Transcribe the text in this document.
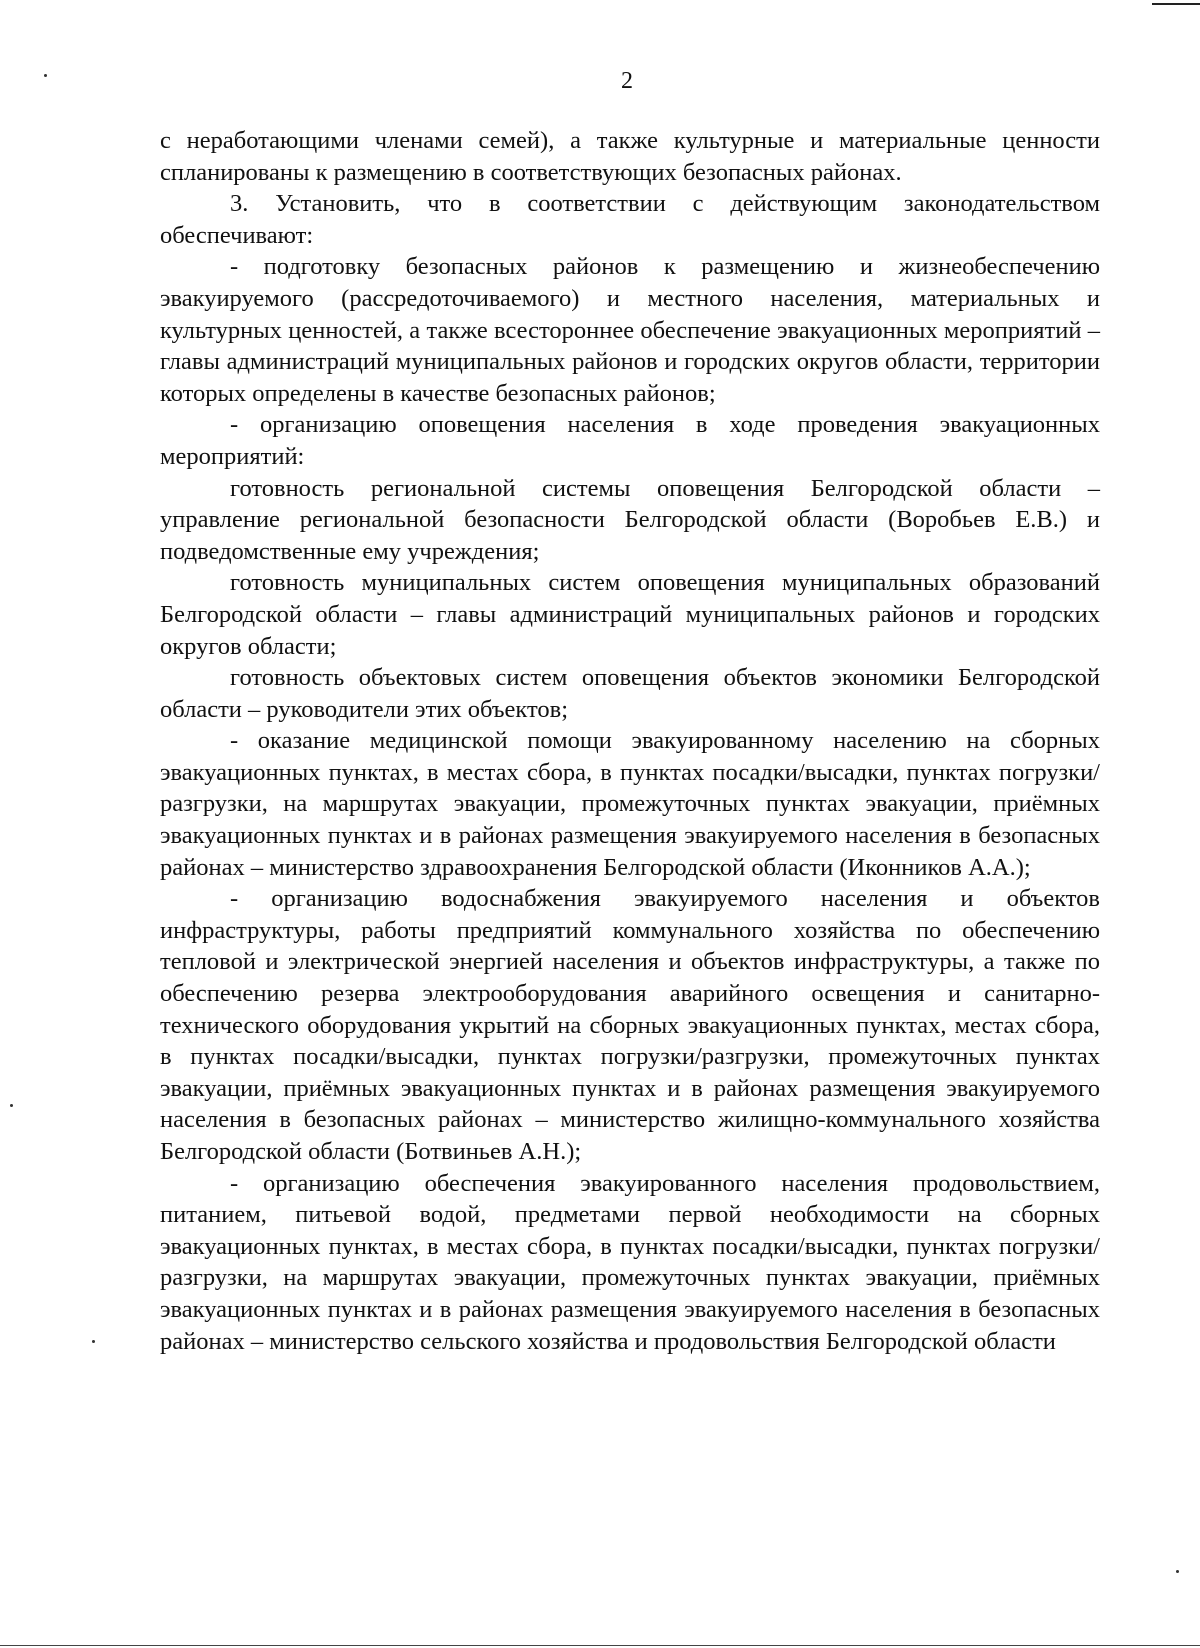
2

с неработающими членами семей), а также культурные и материальные ценности спланированы к размещению в соответствующих безопасных районах.

3. Установить, что в соответствии с действующим законодательством обеспечивают:

- подготовку безопасных районов к размещению и жизнеобеспечению эвакуируемого (рассредоточиваемого) и местного населения, материальных и культурных ценностей, а также всестороннее обеспечение эвакуационных мероприятий – главы администраций муниципальных районов и городских округов области, территории которых определены в качестве безопасных районов;

- организацию оповещения населения в ходе проведения эвакуационных мероприятий:

готовность региональной системы оповещения Белгородской области – управление региональной безопасности Белгородской области (Воробьев Е.В.) и подведомственные ему учреждения;

готовность муниципальных систем оповещения муниципальных образований Белгородской области – главы администраций муниципальных районов и городских округов области;

готовность объектовых систем оповещения объектов экономики Белгородской области – руководители этих объектов;

- оказание медицинской помощи эвакуированному населению на сборных эвакуационных пунктах, в местах сбора, в пунктах посадки/высадки, пунктах погрузки/разгрузки, на маршрутах эвакуации, промежуточных пунктах эвакуации, приёмных эвакуационных пунктах и в районах размещения эвакуируемого населения в безопасных районах – министерство здравоохранения Белгородской области (Иконников А.А.);

- организацию водоснабжения эвакуируемого населения и объектов инфраструктуры, работы предприятий коммунального хозяйства по обеспечению тепловой и электрической энергией населения и объектов инфраструктуры, а также по обеспечению резерва электрооборудования аварийного освещения и санитарно-технического оборудования укрытий на сборных эвакуационных пунктах, местах сбора, в пунктах посадки/высадки, пунктах погрузки/разгрузки, промежуточных пунктах эвакуации, приёмных эвакуационных пунктах и в районах размещения эвакуируемого населения в безопасных районах – министерство жилищно-коммунального хозяйства Белгородской области (Ботвиньев А.Н.);

- организацию обеспечения эвакуированного населения продовольствием, питанием, питьевой водой, предметами первой необходимости на сборных эвакуационных пунктах, в местах сбора, в пунктах посадки/высадки, пунктах погрузки/разгрузки, на маршрутах эвакуации, промежуточных пунктах эвакуации, приёмных эвакуационных пунктах и в районах размещения эвакуируемого населения в безопасных районах – министерство сельского хозяйства и продовольствия Белгородской области
